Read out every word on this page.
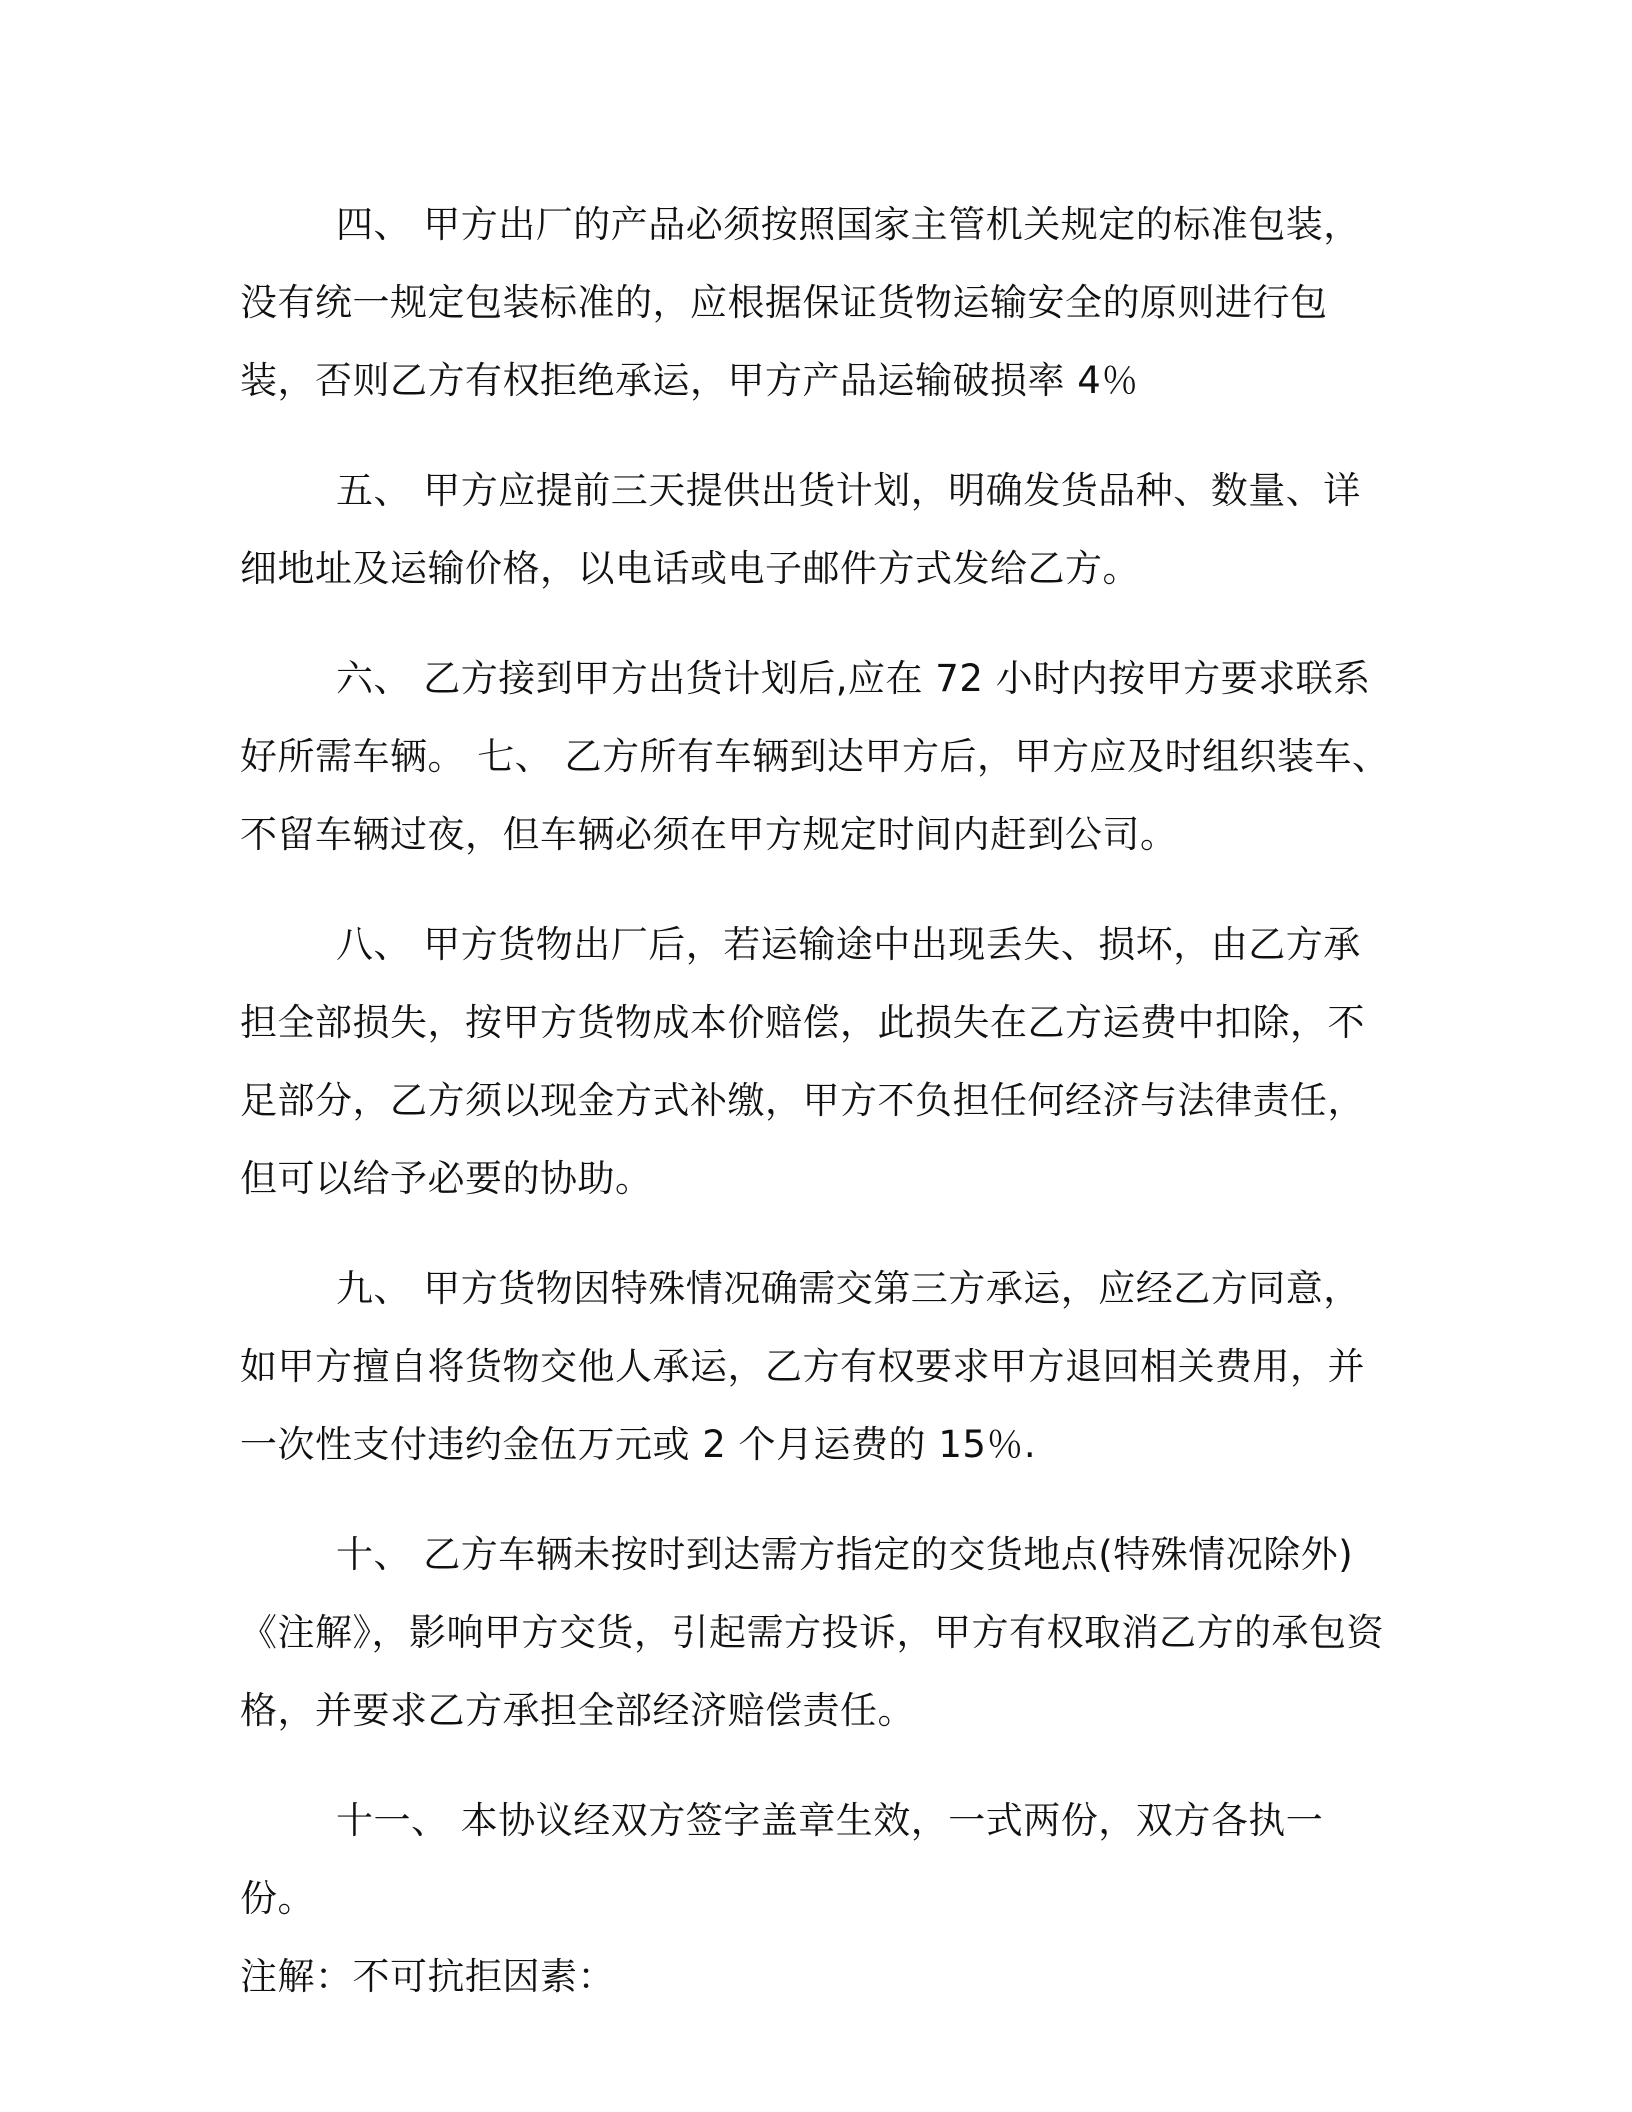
四、 甲方出厂的产品必须按照国家主管机关规定的标准包装，没有统一规定包装标准的，应根据保证货物运输安全的原则进行包装，否则乙方有权拒绝承运，甲方产品运输破损率 4％

五、 甲方应提前三天提供出货计划，明确发货品种、数量、详细地址及运输价格，以电话或电子邮件方式发给乙方。

六、 乙方接到甲方出货计划后,应在 72 小时内按甲方要求联系好所需车辆。 七、 乙方所有车辆到达甲方后，甲方应及时组织装车、不留车辆过夜，但车辆必须在甲方规定时间内赶到公司。

八、 甲方货物出厂后，若运输途中出现丢失、损坏，由乙方承担全部损失，按甲方货物成本价赔偿，此损失在乙方运费中扣除，不足部分，乙方须以现金方式补缴，甲方不负担任何经济与法律责任，但可以给予必要的协助。

九、 甲方货物因特殊情况确需交第三方承运，应经乙方同意，如甲方擅自将货物交他人承运，乙方有权要求甲方退回相关费用，并一次性支付违约金伍万元或 2 个月运费的 15％.

十、 乙方车辆未按时到达需方指定的交货地点(特殊情况除外)《注解》，影响甲方交货，引起需方投诉，甲方有权取消乙方的承包资格，并要求乙方承担全部经济赔偿责任。

十一、 本协议经双方签字盖章生效，一式两份，双方各执一份。

注解：不可抗拒因素：
